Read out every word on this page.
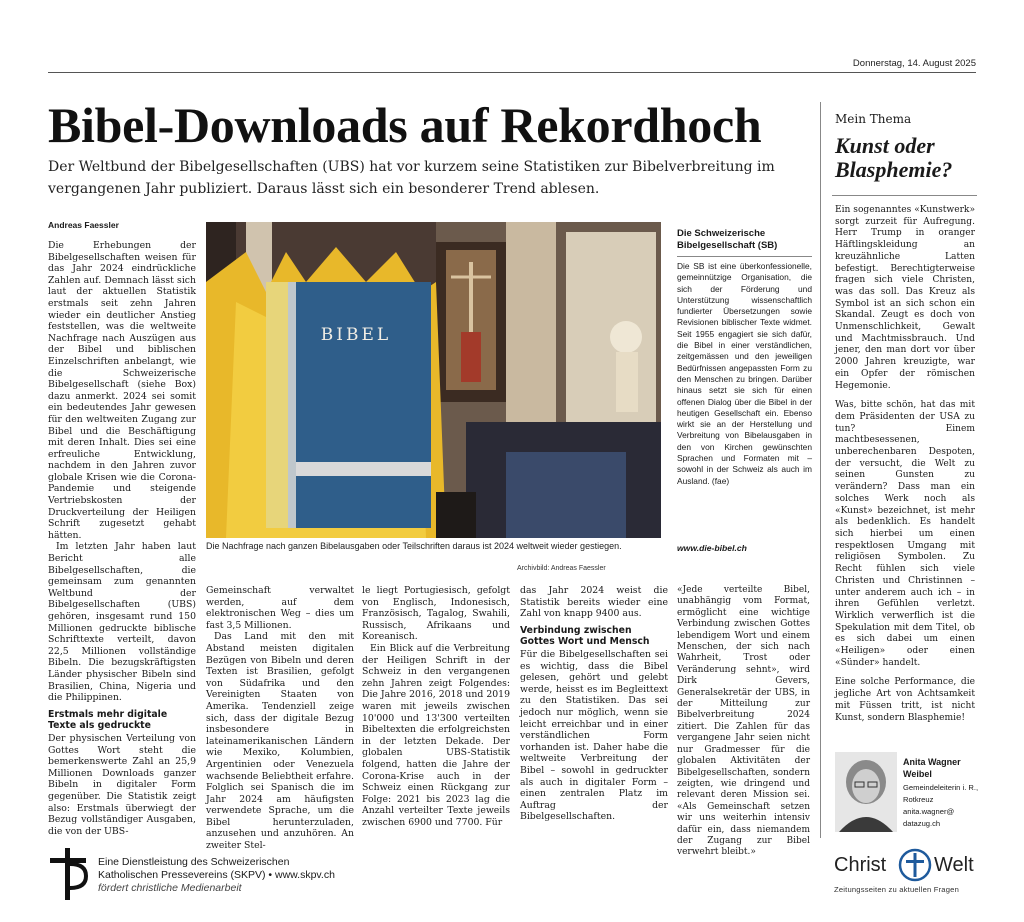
Donnerstag, 14. August 2025
Bibel-Downloads auf Rekordhoch
Der Weltbund der Bibelgesellschaften (UBS) hat vor kurzem seine Statistiken zur Bibelverbreitung im vergangenen Jahr publiziert. Daraus lässt sich ein besonderer Trend ablesen.
Andreas Faessler

Die Erhebungen der Bibelgesellschaften weisen für das Jahr 2024 eindrückliche Zahlen auf. Demnach lässt sich laut der aktuellen Statistik erstmals seit zehn Jahren wieder ein deutlicher Anstieg feststellen, was die weltweite Nachfrage nach Auszügen aus der Bibel und biblischen Einzelschriften anbelangt, wie die Schweizerische Bibelgesellschaft (siehe Box) dazu anmerkt. 2024 sei somit ein bedeutendes Jahr gewesen für den weltweiten Zugang zur Bibel und die Beschäftigung mit deren Inhalt. Dies sei eine erfreuliche Entwicklung, nachdem in den Jahren zuvor globale Krisen wie die Corona-Pandemie und steigende Vertriebskosten der Druckverteilung der Heiligen Schrift zugesetzt gehabt hätten.

Im letzten Jahr haben laut Bericht alle Bibelgesellschaften, die gemeinsam zum genannten Weltbund der Bibelgesellschaften (UBS) gehören, insgesamt rund 150 Millionen gedruckte biblische Schrifttexte verteilt, davon 22,5 Millionen vollständige Bibeln. Die bezugskräftigsten Länder physischer Bibeln sind Brasilien, China, Nigeria und die Philippinen.

Erstmals mehr digitale Texte als gedruckte

Der physischen Verteilung von Gottes Wort steht die bemerkenswerte Zahl an 25,9 Millionen Downloads ganzer Bibeln in digitaler Form gegenüber. Die Statistik zeigt also: Erstmals überwiegt der Bezug vollständiger Ausgaben, die von der UBS-

BIBEL
Die Nachfrage nach ganzen Bibelausgaben oder Teilschriften daraus ist 2024 weltweit wieder gestiegen.
Archivbild: Andreas Faessler
Die Schweizerische Bibelgesellschaft (SB)
Die SB ist eine überkonfessionelle, gemeinnützige Organisation, die sich der Förderung und Unterstützung wissenschaftlich fundierter Übersetzungen sowie Revisionen biblischer Texte widmet. Seit 1955 engagiert sie sich dafür, die Bibel in einer verständlichen, zeitgemässen und den jeweiligen Bedürfnissen angepassten Form zu den Menschen zu bringen. Darüber hinaus setzt sie sich für einen offenen Dialog über die Bibel in der heutigen Gesellschaft ein. Ebenso wirkt sie an der Herstellung und Verbreitung von Bibelausgaben in den von Kirchen gewünschten Sprachen und Formaten mit – sowohl in der Schweiz als auch im Ausland. (fae)
www.die-bibel.ch

Gemeinschaft verwaltet werden, auf dem elektronischen Weg – dies um fast 3,5 Millionen.

Das Land mit den mit Abstand meisten digitalen Bezügen von Bibeln und deren Texten ist Brasilien, gefolgt von Südafrika und den Vereinigten Staaten von Amerika. Tendenziell zeige sich, dass der digitale Bezug insbesondere in lateinamerikanischen Ländern wie Mexiko, Kolumbien, Argentinien oder Venezuela wachsende Beliebtheit erfahre. Folglich sei Spanisch die im Jahr 2024 am häufigsten verwendete Sprache, um die Bibel herunterzuladen, anzusehen und anzuhören. An zweiter Stel-

le liegt Portugiesisch, gefolgt von Englisch, Indonesisch, Französisch, Tagalog, Swahili, Russisch, Afrikaans und Koreanisch.

Ein Blick auf die Verbreitung der Heiligen Schrift in der Schweiz in den vergangenen zehn Jahren zeigt Folgendes: Die Jahre 2016, 2018 und 2019 waren mit jeweils zwischen 10'000 und 13'300 verteilten Bibeltexten die erfolgreichsten in der letzten Dekade. Der globalen UBS-Statistik folgend, hatten die Jahre der Corona-Krise auch in der Schweiz einen Rückgang zur Folge: 2021 bis 2023 lag die Anzahl verteilter Texte jeweils zwischen 6900 und 7700. Für

das Jahr 2024 weist die Statistik bereits wieder eine Zahl von knapp 9400 aus.

Verbindung zwischen Gottes Wort und Mensch

Für die Bibelgesellschaften sei es wichtig, dass die Bibel gelesen, gehört und gelebt werde, heisst es im Begleittext zu den Statistiken. Das sei jedoch nur möglich, wenn sie leicht erreichbar und in einer verständlichen Form vorhanden ist. Daher habe die weltweite Verbreitung der Bibel – sowohl in gedruckter als auch in digitaler Form – einen zentralen Platz im Auftrag der Bibelgesellschaften.

«Jede verteilte Bibel, unabhängig vom Format, ermöglicht eine wichtige Verbindung zwischen Gottes lebendigem Wort und einem Menschen, der sich nach Wahrheit, Trost oder Veränderung sehnt», wird Dirk Gevers, Generalsekretär der UBS, in der Mitteilung zur Bibelverbreitung 2024 zitiert. Die Zahlen für das vergangene Jahr seien nicht nur Gradmesser für die globalen Aktivitäten der Bibelgesellschaften, sondern zeigten, wie dringend und relevant deren Mission sei. «Als Gemeinschaft setzen wir uns weiterhin intensiv dafür ein, dass niemandem der Zugang zur Bibel verwehrt bleibt.»

Mein Thema
Kunst oder Blasphemie?

Ein sogenanntes «Kunstwerk» sorgt zurzeit für Aufregung. Herr Trump in oranger Häftlingskleidung an kreuzähnliche Latten befestigt. Berechtigterweise fragen sich viele Christen, was das soll. Das Kreuz als Symbol ist an sich schon ein Skandal. Zeugt es doch von Unmenschlichkeit, Gewalt und Machtmissbrauch. Und jener, den man dort vor über 2000 Jahren kreuzigte, war ein Opfer der römischen Hegemonie.

Was, bitte schön, hat das mit dem Präsidenten der USA zu tun? Einem machtbesessenen, unberechenbaren Despoten, der versucht, die Welt zu seinen Gunsten zu verändern? Dass man ein solches Werk noch als «Kunst» bezeichnet, ist mehr als bedenklich. Es handelt sich hierbei um einen respektlosen Umgang mit religiösen Symbolen. Zu Recht fühlen sich viele Christen und Christinnen – unter anderem auch ich – in ihren Gefühlen verletzt. Wirklich verwerflich ist die Spekulation mit dem Titel, ob es sich dabei um einen «Heiligen» oder einen «Sünder» handelt.

Eine solche Performance, die jegliche Art von Achtsamkeit mit Füssen tritt, ist nicht Kunst, sondern Blasphemie!

Anita Wagner
Weibel
Gemeindeleiterin i. R., Rotkreuz
anita.wagner@ datazug.ch
Eine Dienstleistung des Schweizerischen
Katholischen Pressevereins (SKPV) • www.skpv.ch
fördert christliche Medienarbeit
Christ Welt
Zeitungsseiten zu aktuellen Fragen
